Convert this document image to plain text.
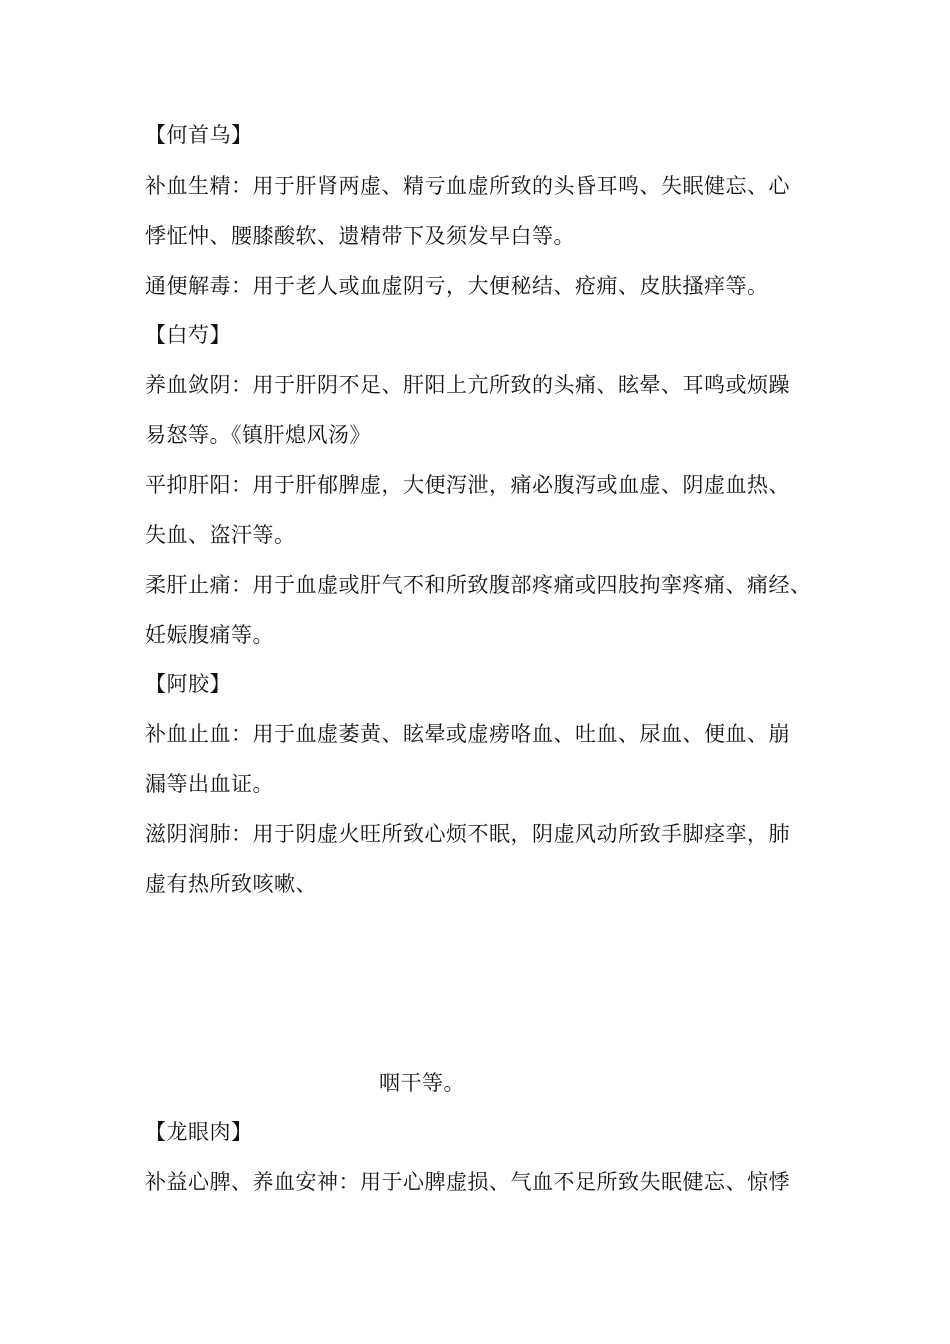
【何首乌】
补血生精：用于肝肾两虚、精亏血虚所致的头昏耳鸣、失眠健忘、心
悸怔忡、腰膝酸软、遗精带下及须发早白等。
通便解毒：用于老人或血虚阴亏，大便秘结、疮痈、皮肤搔痒等。
【白芍】
养血敛阴：用于肝阴不足、肝阳上亢所致的头痛、眩晕、耳鸣或烦躁
易怒等。《镇肝熄风汤》
平抑肝阳：用于肝郁脾虚，大便泻泄，痛必腹泻或血虚、阴虚血热、
失血、盗汗等。
柔肝止痛：用于血虚或肝气不和所致腹部疼痛或四肢拘挛疼痛、痛经、
妊娠腹痛等。
【阿胶】
补血止血：用于血虚萎黄、眩晕或虚痨咯血、吐血、尿血、便血、崩
漏等出血证。
滋阴润肺：用于阴虚火旺所致心烦不眠，阴虚风动所致手脚痉挛，肺
虚有热所致咳嗽、
咽干等。
【龙眼肉】
补益心脾、养血安神：用于心脾虚损、气血不足所致失眠健忘、惊悸
